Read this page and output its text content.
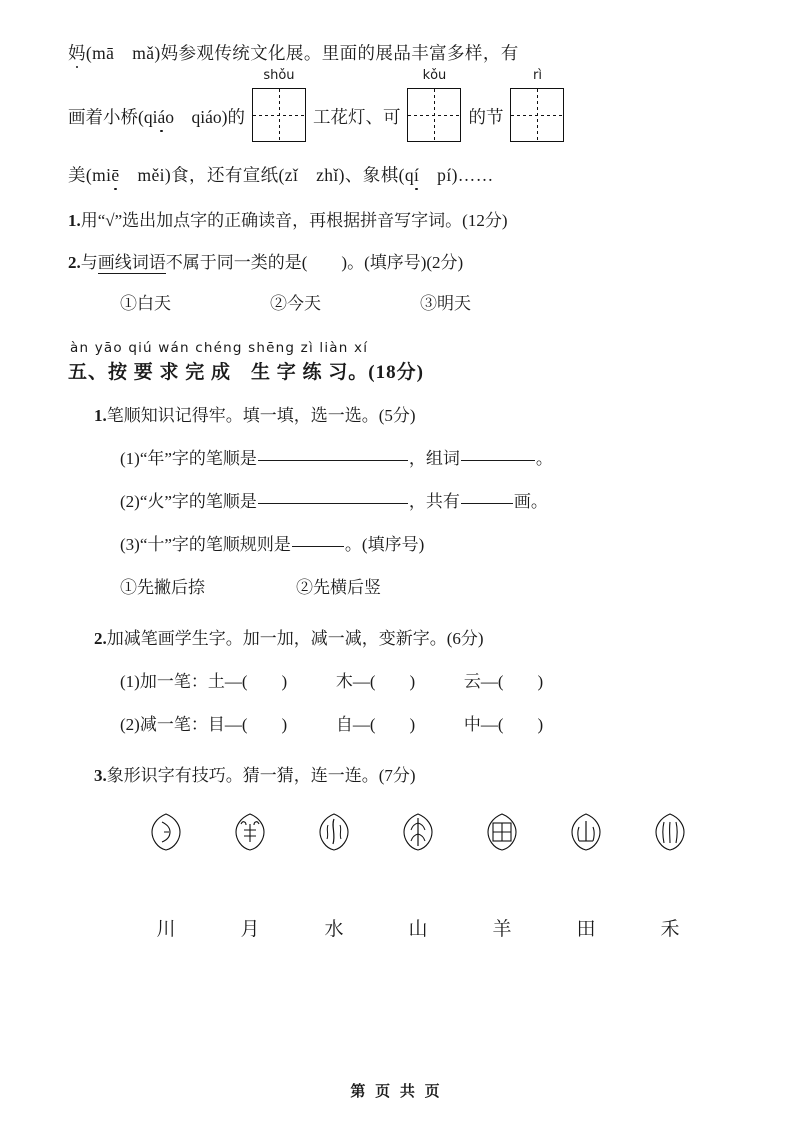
妈(mā　mǎ)妈参观传统文化展。里面的展品丰富多样，有
画着小桥(qiáo　qiáo)的
shǒu
工花灯、可
kǒu
的节
rì
美(miē　měi)食，还有宣纸(zǐ　zhǐ)、象棋(qí　pí)……
1.用“√”选出加点字的正确读音，再根据拼音写字词。(12分)
2.与画线词语不属于同一类的是(　　)。(填序号)(2分)
①白天	②今天	③明天
àn yāo qiú wán chéng shēng zì liàn xí
五、按 要 求 完 成　生 字 练 习。(18分)
1.笔顺知识记得牢。填一填，选一选。(5分)
(1)“年”字的笔顺是	，组词	。
(2)“火”字的笔顺是	，共有	画。
(3)“十”字的笔顺规则是	。(填序号)
①先撇后捺	②先横后竖
2.加减笔画学生字。加一加，减一减，变新字。(6分)
(1)加一笔：土—(　　)	木—(　　)	云—(　　)
(2)减一笔：目—(　　)	自—(　　)	中—(　　)
3.象形识字有技巧。猜一猜，连一连。(7分)
川	月	水	山	羊	田	禾
第 页 共 页
